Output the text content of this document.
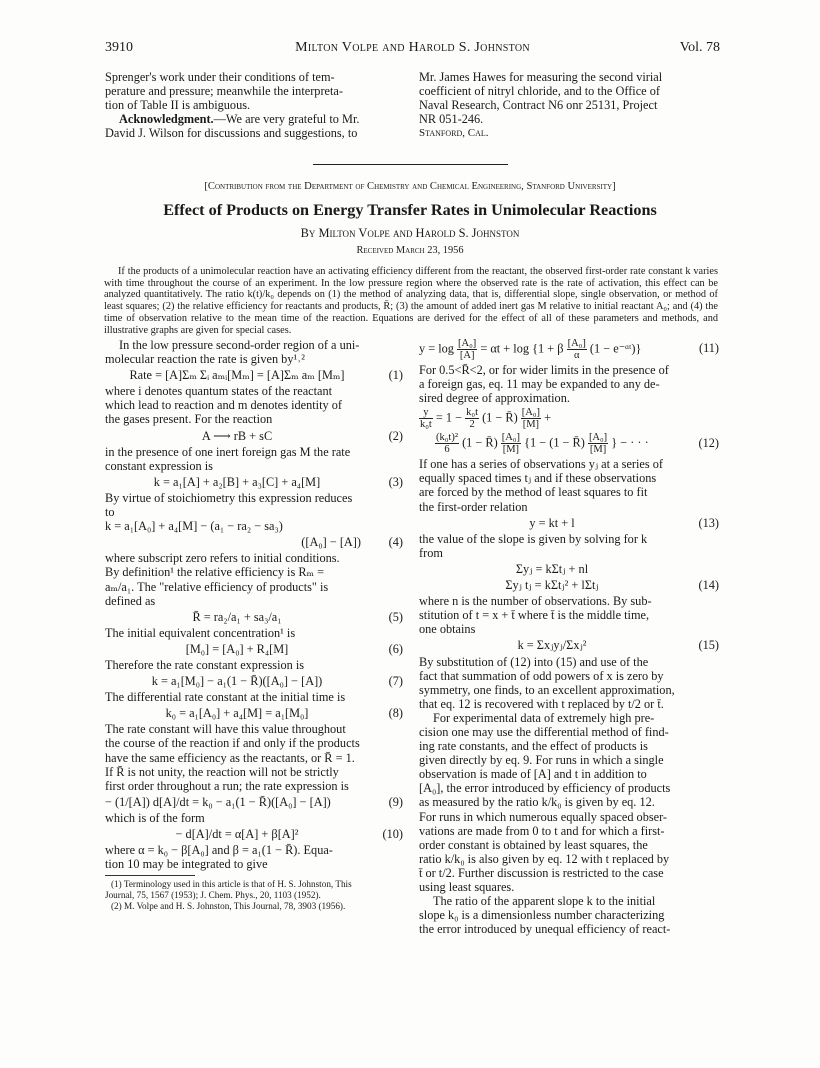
3910	Milton Volpe and Harold S. Johnston	Vol. 78
Sprenger's work under their conditions of tem-
perature and pressure; meanwhile the interpreta-
tion of Table II is ambiguous.
Acknowledgment.—We are very grateful to Mr.
David J. Wilson for discussions and suggestions, to
Mr. James Hawes for measuring the second virial
coefficient of nitryl chloride, and to the Office of
Naval Research, Contract N6 onr 25131, Project
NR 051-246.
Stanford, Cal.
[Contribution from the Department of Chemistry and Chemical Engineering, Stanford University]
Effect of Products on Energy Transfer Rates in Unimolecular Reactions
By Milton Volpe and Harold S. Johnston
Received March 23, 1956
If the products of a unimolecular reaction have an activating efficiency different from the reactant, the observed first-order rate constant k varies with time throughout the course of an experiment. In the low pressure region where the observed rate is the rate of activation, this effect can be analyzed quantitatively. The ratio k(t)/k₀ depends on (1) the method of analyzing data, that is, differential slope, single observation, or method of least squares; (2) the relative efficiency for reactants and products, R̄; (3) the amount of added inert gas M relative to initial reactant A₀; and (4) the time of observation relative to the mean time of the reaction. Equations are derived for the effect of all of these parameters and methods, and illustrative graphs are given for special cases.
In the low pressure second-order region of a uni-
molecular reaction the rate is given by¹˒²
Rate = [A]Σₘ Σᵢ aₘᵢ[Mₘ] = [A]Σₘ aₘ [Mₘ]	(1)
where i denotes quantum states of the reactant
which lead to reaction and m denotes identity of
the gases present. For the reaction
A ⟶ rB + sC	(2)
in the presence of one inert foreign gas M the rate
constant expression is
k = a₁[A] + a₂[B] + a₃[C] + a₄[M]	(3)
By virtue of stoichiometry this expression reduces
to
k = a₁[A₀] + a₄[M] − (a₁ − ra₂ − sa₃)
([A₀] − [A])	(4)
where subscript zero refers to initial conditions.
By definition¹ the relative efficiency is Rₘ =
aₘ/a₁. The "relative efficiency of products" is
defined as
R̄ = ra₂/a₁ + sa₃/a₁	(5)
The initial equivalent concentration¹ is
[M₀] = [A₀] + R₄[M]	(6)
Therefore the rate constant expression is
k = a₁[M₀] − a₁(1 − R̄)([A₀] − [A])	(7)
The differential rate constant at the initial time is
k₀ = a₁[A₀] + a₄[M] = a₁[M₀]	(8)
The rate constant will have this value throughout
the course of the reaction if and only if the products
have the same efficiency as the reactants, or R̄ = 1.
If R̄ is not unity, the reaction will not be strictly
first order throughout a run; the rate expression is
− (1/[A]) d[A]/dt = k₀ − a₁(1 − R̄)([A₀] − [A])	(9)
which is of the form
− d[A]/dt = α[A] + β[A]²	(10)
where α = k₀ − β[A₀] and β = a₁(1 − R̄). Equa-
tion 10 may be integrated to give
(1) Terminology used in this article is that of H. S. Johnston, This
Journal, 75, 1567 (1953); J. Chem. Phys., 20, 1103 (1952).
(2) M. Volpe and H. S. Johnston, This Journal, 78, 3903 (1956).
$y = \log \frac{\text{[A₀]}}{[A]} = \alpha t + \log \{1 + \beta \frac{\text{[A₀]}}{\alpha} (1$ − e⁻ᵅᵗ)}	(11)
For 0.5<R̄<2, or for wider limits in the presence of
a foreign gas, eq. 11 may be expanded to any de-
sired degree of approximation.
$\frac{y}{\text{k₀t}} = 1 - \frac{\text{k₀t}}{2} (1$ − R̄) $\frac{\text{[A₀]}}{[M]}$ +
$\frac{\text{(k₀t)²}}{6} (1$ − R̄) $\frac{\text{[A₀]}}{[M]} \{1 - (1$ − R̄) $\frac{\text{[A₀]}}{[M]}$ } − · · ·	(12)
If one has a series of observations yⱼ at a series of
equally spaced times tⱼ and if these observations
are forced by the method of least squares to fit
the first-order relation
y = kt + l	(13)
the value of the slope is given by solving for k
from
Σyⱼ = kΣtⱼ + nl
Σyⱼ tⱼ = kΣtⱼ² + lΣtⱼ	(14)
where n is the number of observations. By sub-
stitution of t = x + t̄ where t̄ is the middle time,
one obtains
k = Σxⱼyⱼ/Σxⱼ²	(15)
By substitution of (12) into (15) and use of the
fact that summation of odd powers of x is zero by
symmetry, one finds, to an excellent approximation,
that eq. 12 is recovered with t replaced by t/2 or t̄.
For experimental data of extremely high pre-
cision one may use the differential method of find-
ing rate constants, and the effect of products is
given directly by eq. 9. For runs in which a single
observation is made of [A] and t in addition to
[A₀], the error introduced by efficiency of products
as measured by the ratio k/k₀ is given by eq. 12.
For runs in which numerous equally spaced obser-
vations are made from 0 to t and for which a first-
order constant is obtained by least squares, the
ratio k/k₀ is also given by eq. 12 with t replaced by
t̄ or t/2. Further discussion is restricted to the case
using least squares.
The ratio of the apparent slope k to the initial
slope k₀ is a dimensionless number characterizing
the error introduced by unequal efficiency of react-
